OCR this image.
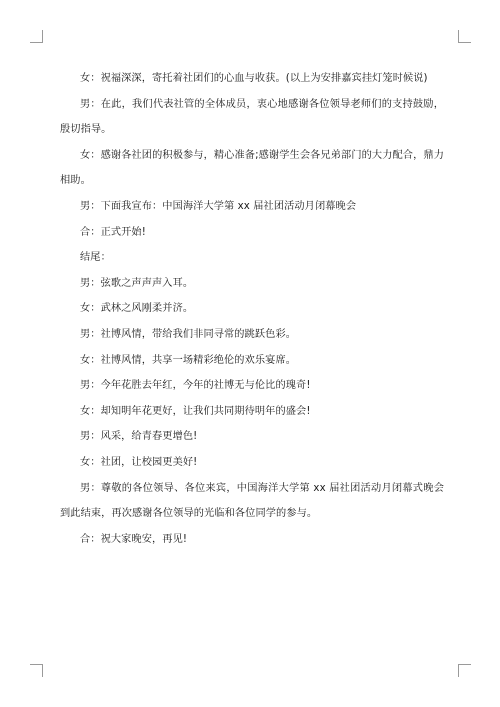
女：祝福深深，寄托着社团们的心血与收获。(以上为安排嘉宾挂灯笼时候说)

男：在此，我们代表社管的全体成员，衷心地感谢各位领导老师们的支持鼓励，殷切指导。

女：感谢各社团的积极参与，精心准备;感谢学生会各兄弟部门的大力配合，鼎力相助。

男：下面我宣布：中国海洋大学第 xx 届社团活动月闭幕晚会

合：正式开始!

结尾：

男：弦歌之声声声入耳。

女：武林之风刚柔并济。

男：社博风情，带给我们非同寻常的跳跃色彩。

女：社博风情，共享一场精彩绝伦的欢乐宴席。

男：今年花胜去年红，今年的社博无与伦比的瑰奇!

女：却知明年花更好，让我们共同期待明年的盛会!

男：风采，给青春更增色!

女：社团，让校园更美好!

男：尊敬的各位领导、各位来宾，中国海洋大学第 xx 届社团活动月闭幕式晚会到此结束，再次感谢各位领导的光临和各位同学的参与。

合：祝大家晚安，再见!
